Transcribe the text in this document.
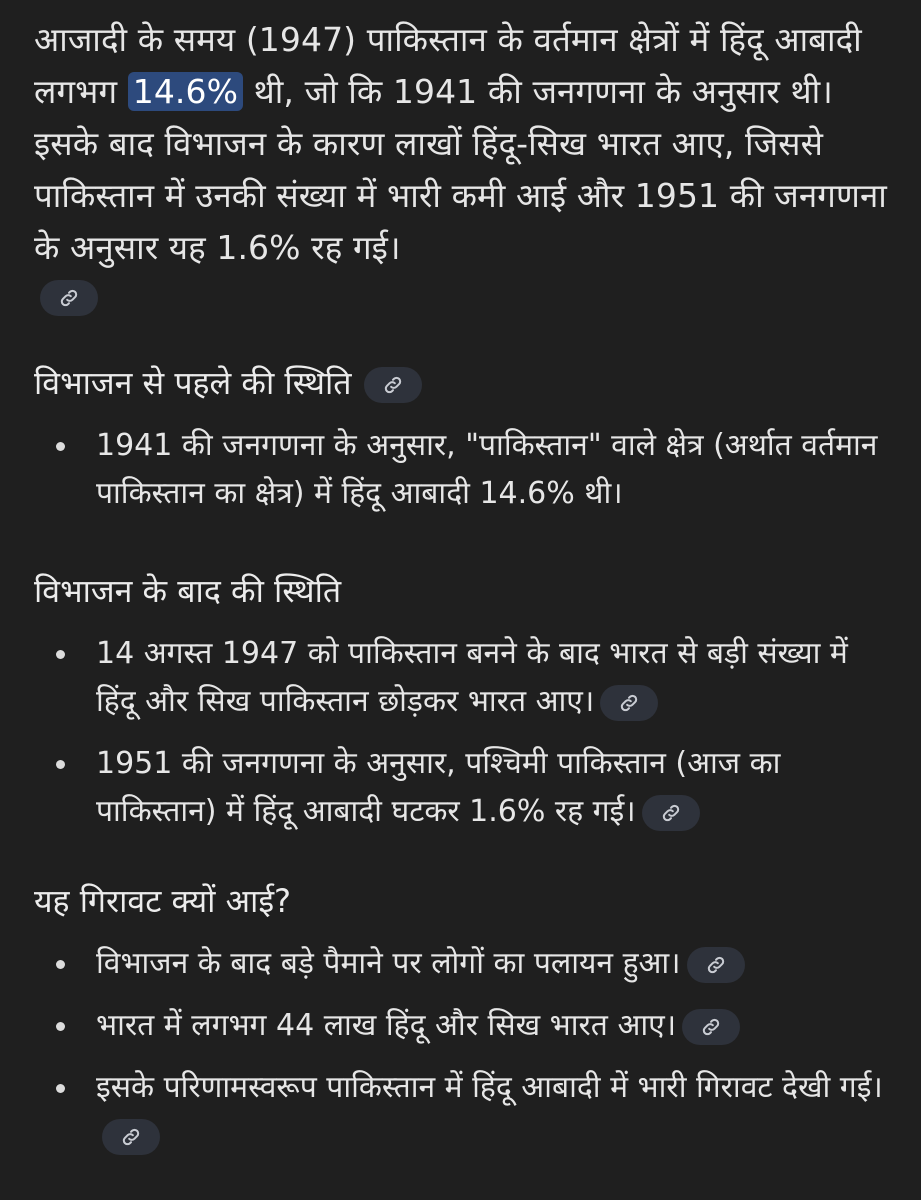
आजादी के समय (1947) पाकिस्तान के वर्तमान क्षेत्रों में हिंदू आबादी लगभग 14.6% थी, जो कि 1941 की जनगणना के अनुसार थी। इसके बाद विभाजन के कारण लाखों हिंदू-सिख भारत आए, जिससे पाकिस्तान में उनकी संख्या में भारी कमी आई और 1951 की जनगणना के अनुसार यह 1.6% रह गई।

विभाजन से पहले की स्थिति
1941 की जनगणना के अनुसार, "पाकिस्तान" वाले क्षेत्र (अर्थात वर्तमान पाकिस्तान का क्षेत्र) में हिंदू आबादी 14.6% थी।
विभाजन के बाद की स्थिति
14 अगस्त 1947 को पाकिस्तान बनने के बाद भारत से बड़ी संख्या में हिंदू और सिख पाकिस्तान छोड़कर भारत आए।
1951 की जनगणना के अनुसार, पश्चिमी पाकिस्तान (आज का पाकिस्तान) में हिंदू आबादी घटकर 1.6% रह गई।
यह गिरावट क्यों आई?
विभाजन के बाद बड़े पैमाने पर लोगों का पलायन हुआ।
भारत में लगभग 44 लाख हिंदू और सिख भारत आए।
इसके परिणामस्वरूप पाकिस्तान में हिंदू आबादी में भारी गिरावट देखी गई।
